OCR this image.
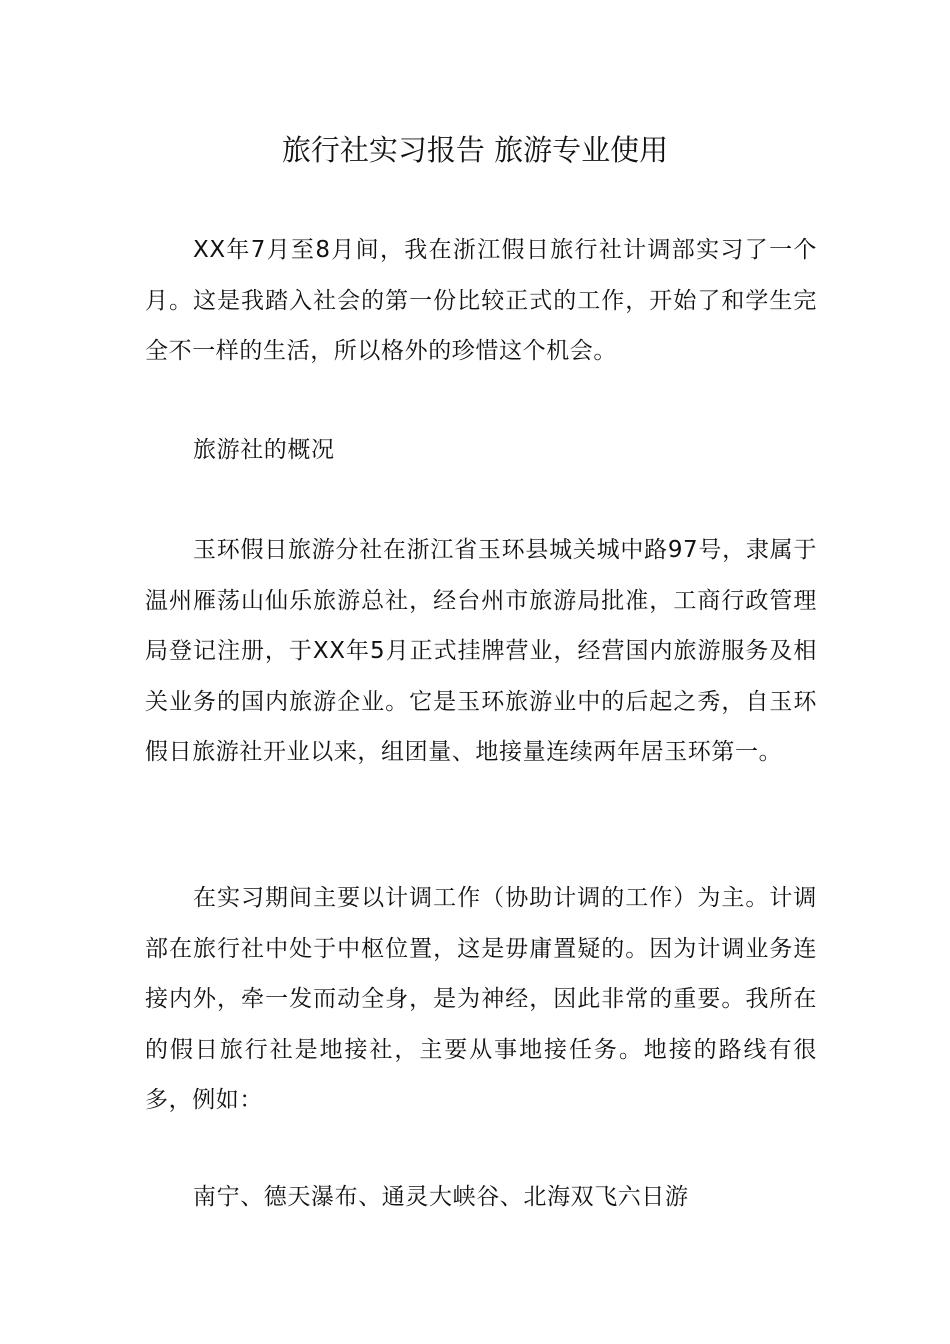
旅行社实习报告 旅游专业使用

XX年7月至8月间，我在浙江假日旅行社计调部实习了一个月。这是我踏入社会的第一份比较正式的工作，开始了和学生完全不一样的生活，所以格外的珍惜这个机会。

旅游社的概况

玉环假日旅游分社在浙江省玉环县城关城中路97号，隶属于温州雁荡山仙乐旅游总社，经台州市旅游局批准，工商行政管理局登记注册，于XX年5月正式挂牌营业，经营国内旅游服务及相关业务的国内旅游企业。它是玉环旅游业中的后起之秀，自玉环假日旅游社开业以来，组团量、地接量连续两年居玉环第一。

在实习期间主要以计调工作（协助计调的工作）为主。计调部在旅行社中处于中枢位置，这是毋庸置疑的。因为计调业务连接内外，牵一发而动全身，是为神经，因此非常的重要。我所在的假日旅行社是地接社，主要从事地接任务。地接的路线有很多，例如：

南宁、德天瀑布、通灵大峡谷、北海双飞六日游
